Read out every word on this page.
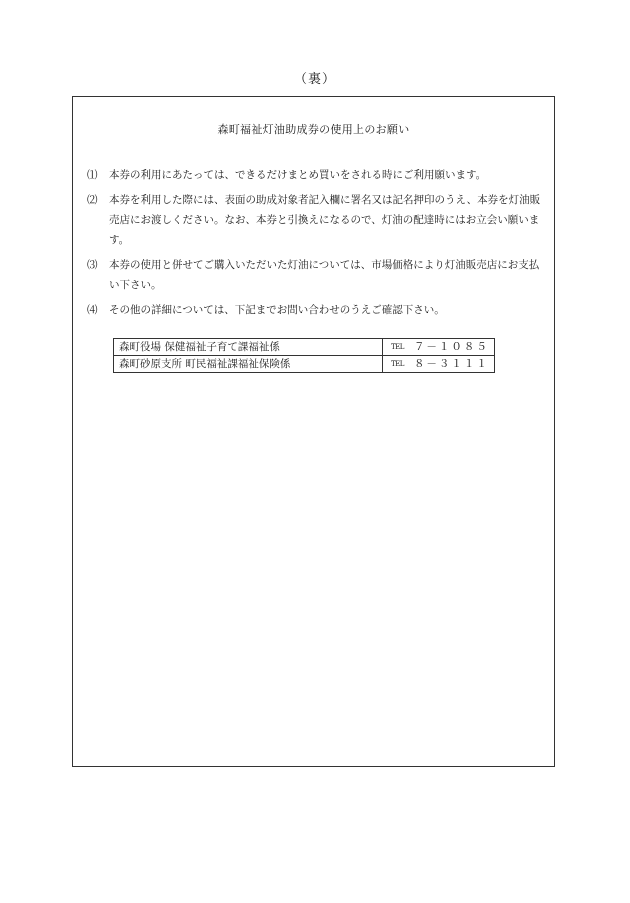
（裏）
森町福祉灯油助成券の使用上のお願い
⑴	本券の利用にあたっては、できるだけまとめ買いをされる時にご利用願います。
⑵	本券を利用した際には、表面の助成対象者記入欄に署名又は記名押印のうえ、本券を灯油販売店にお渡しください。なお、本券と引換えになるので、灯油の配達時にはお立会い願います。
⑶	本券の使用と併せてご購入いただいた灯油については、市場価格により灯油販売店にお支払い下さい。
⑷	その他の詳細については、下記までお問い合わせのうえご確認下さい。
森町役場 保健福祉子育て課福祉係	TEL ７－１０８５
森町砂原支所 町民福祉課福祉保険係	TEL ８－３１１１
